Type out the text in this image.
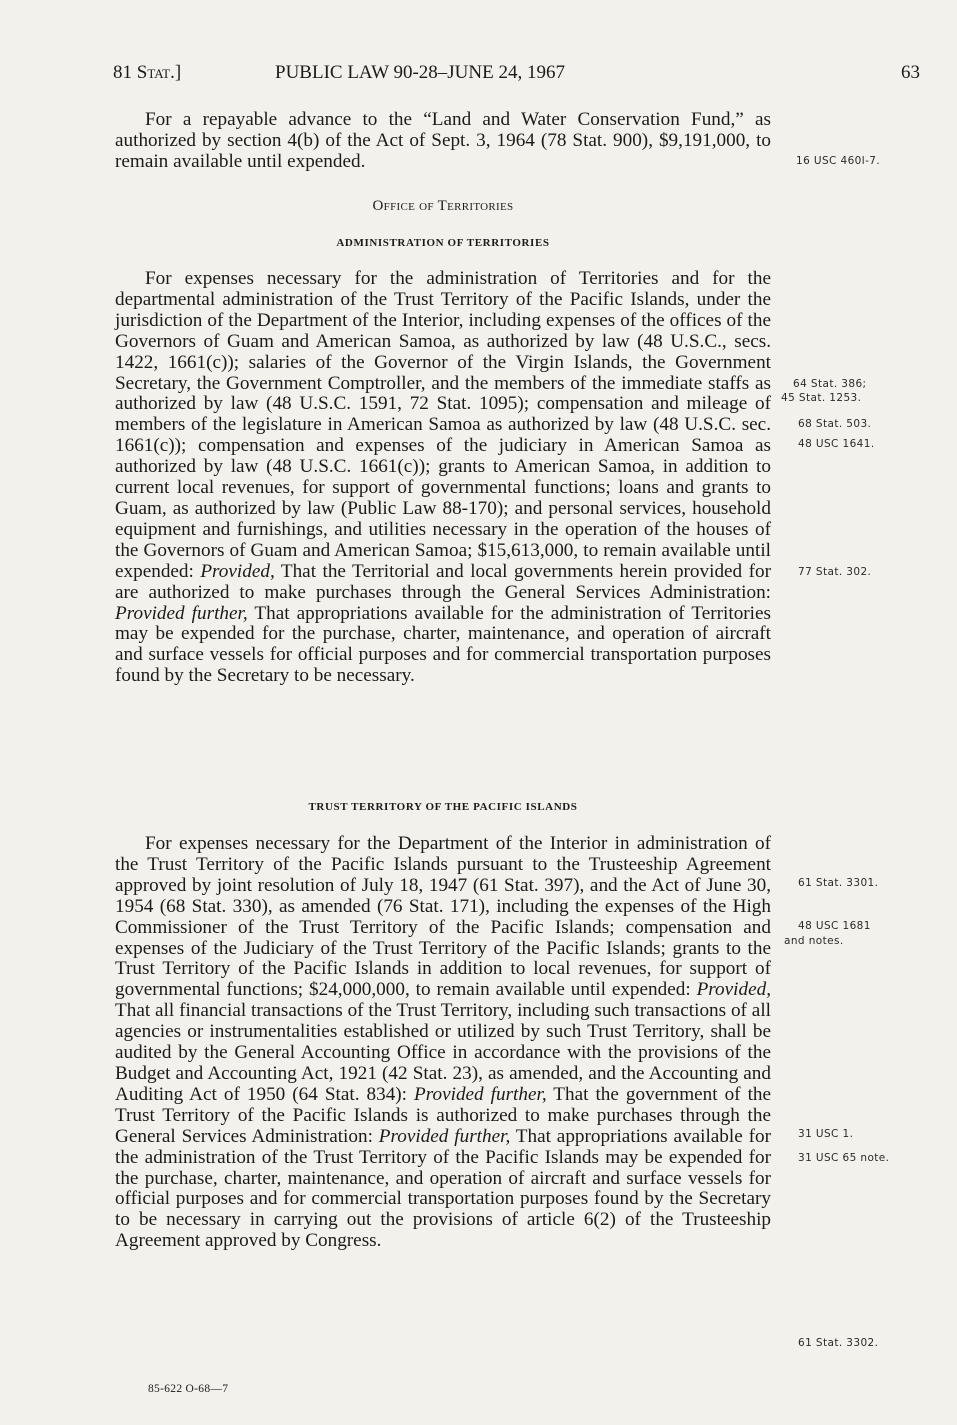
81 Stat.]	PUBLIC LAW 90-28–JUNE 24, 1967	63

For a repayable advance to the “Land and Water Conservation Fund,” as authorized by section 4(b) of the Act of Sept. 3, 1964 (78 Stat. 900), $9,191,000, to remain available until expended.

Office of Territories
ADMINISTRATION OF TERRITORIES

For expenses necessary for the administration of Territories and for the departmental administration of the Trust Territory of the Pacific Islands, under the jurisdiction of the Department of the Interior, including expenses of the offices of the Governors of Guam and American Samoa, as authorized by law (48 U.S.C., secs. 1422, 1661(c)); salaries of the Governor of the Virgin Islands, the Government Secretary, the Government Comptroller, and the members of the immediate staffs as authorized by law (48 U.S.C. 1591, 72 Stat. 1095); compensation and mileage of members of the legislature in American Samoa as authorized by law (48 U.S.C. sec. 1661(c)); compensation and expenses of the judiciary in American Samoa as authorized by law (48 U.S.C. 1661(c)); grants to American Samoa, in addition to current local revenues, for support of governmental functions; loans and grants to Guam, as authorized by law (Public Law 88-170); and personal services, household equipment and furnishings, and utilities necessary in the operation of the houses of the Governors of Guam and American Samoa; $15,613,000, to remain available until expended: Provided, That the Territorial and local governments herein provided for are authorized to make purchases through the General Services Administration: Provided further, That appropriations available for the administration of Territories may be expended for the purchase, charter, maintenance, and operation of aircraft and surface vessels for official purposes and for commercial transportation purposes found by the Secretary to be necessary.

TRUST TERRITORY OF THE PACIFIC ISLANDS

For expenses necessary for the Department of the Interior in administration of the Trust Territory of the Pacific Islands pursuant to the Trusteeship Agreement approved by joint resolution of July 18, 1947 (61 Stat. 397), and the Act of June 30, 1954 (68 Stat. 330), as amended (76 Stat. 171), including the expenses of the High Commissioner of the Trust Territory of the Pacific Islands; compensation and expenses of the Judiciary of the Trust Territory of the Pacific Islands; grants to the Trust Territory of the Pacific Islands in addition to local revenues, for support of governmental functions; $24,000,000, to remain available until expended: Provided, That all financial transactions of the Trust Territory, including such transactions of all agencies or instrumentalities established or utilized by such Trust Territory, shall be audited by the General Accounting Office in accordance with the provisions of the Budget and Accounting Act, 1921 (42 Stat. 23), as amended, and the Accounting and Auditing Act of 1950 (64 Stat. 834): Provided further, That the government of the Trust Territory of the Pacific Islands is authorized to make purchases through the General Services Administration: Provided further, That appropriations available for the administration of the Trust Territory of the Pacific Islands may be expended for the purchase, charter, maintenance, and operation of aircraft and surface vessels for official purposes and for commercial transportation purposes found by the Secretary to be necessary in carrying out the provisions of article 6(2) of the Trusteeship Agreement approved by Congress.

16 USC 460l-7.
64 Stat. 386;
45 Stat. 1253.
68 Stat. 503.
48 USC 1641.
77 Stat. 302.
61 Stat. 3301.
48 USC 1681
and notes.
31 USC 1.
31 USC 65 note.
61 Stat. 3302.
85-622 O-68—7
